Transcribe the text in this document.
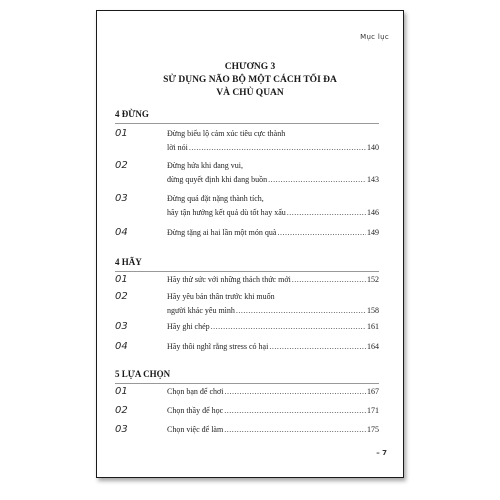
Mục lục
CHƯƠNG 3
SỬ DỤNG NÃO BỘ MỘT CÁCH TỐI ĐA
VÀ CHỦ QUAN
4 ĐỪNG
01	Đừng biểu lộ cảm xúc tiêu cực thành
lời nói .....	140
02	Đừng hứa khi đang vui,
đừng quyết định khi đang buồn .....	143
03	Đừng quá đặt nặng thành tích,
hãy tận hưởng kết quả dù tốt hay xấu .....	146
04	Đừng tặng ai hai lần một món quà .....	149
4 HÃY
01	Hãy thử sức với những thách thức mới .....	152
02	Hãy yêu bản thân trước khi muốn
người khác yêu mình .....	158
03	Hãy ghi chép .....	161
04	Hãy thôi nghĩ rằng stress có hại .....	164
5 LỰA CHỌN
01	Chọn bạn để chơi .....	167
02	Chọn thầy để học .....	171
03	Chọn việc để làm .....	175
– 7
